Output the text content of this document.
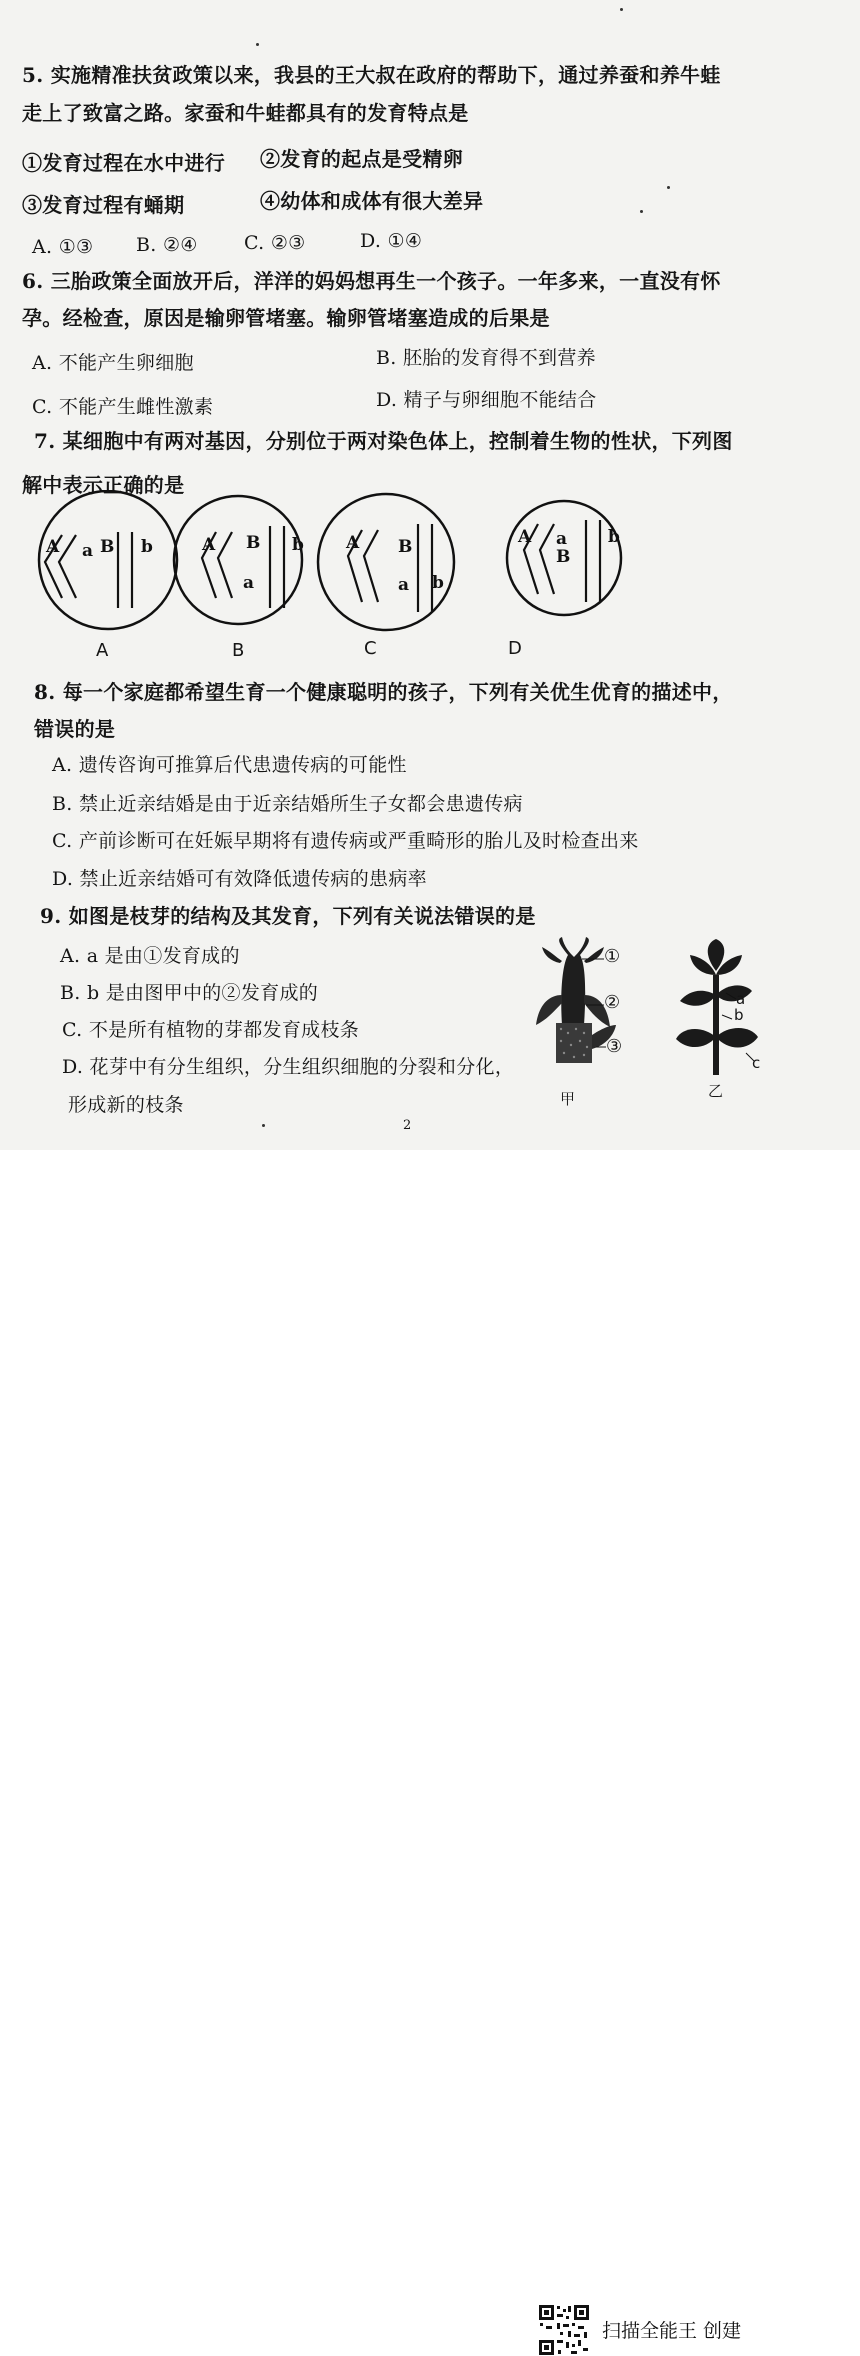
5. 实施精准扶贫政策以来，我县的王大叔在政府的帮助下，通过养蚕和养牛蛙
走上了致富之路。家蚕和牛蛙都具有的发育特点是
①发育过程在水中进行 ②发育的起点是受精卵
③发育过程有蛹期	④幼体和成体有很大差异
A. ①③ B. ②④ C. ②③	D. ①④
6. 三胎政策全面放开后，洋洋的妈妈想再生一个孩子。一年多来，一直没有怀
孕。经检查，原因是输卵管堵塞。输卵管堵塞造成的后果是
A. 不能产生卵细胞	B. 胚胎的发育得不到营养
C. 不能产生雌性激素	D. 精子与卵细胞不能结合
7. 某细胞中有两对基因，分别位于两对染色体上，控制着生物的性状，下列图
解中表示正确的是
A a B b	A B
a
b A B
a b
A a
B
b
A	B	C	D
8. 每一个家庭都希望生育一个健康聪明的孩子，下列有关优生优育的描述中，
错误的是
A. 遗传咨询可推算后代患遗传病的可能性
B. 禁止近亲结婚是由于近亲结婚所生子女都会患遗传病
C. 产前诊断可在妊娠早期将有遗传病或严重畸形的胎儿及时检查出来
D. 禁止近亲结婚可有效降低遗传病的患病率
9. 如图是枝芽的结构及其发育，下列有关说法错误的是
A. a 是由①发育成的
B. b 是由图甲中的②发育成的
C. 不是所有植物的芽都发育成枝条
D. 花芽中有分生组织，分生组织细胞的分裂和分化，
形成新的枝条
①
②
③
甲
a
b
c
乙
2
扫描全能王 创建
